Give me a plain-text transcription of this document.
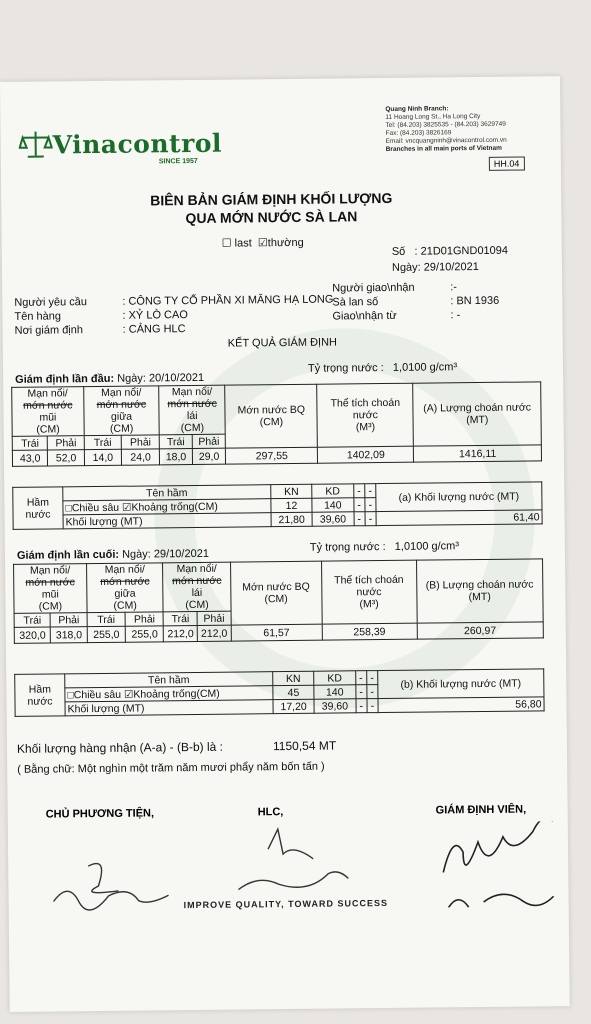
Vinacontrol
SINCE 1957
Quang Ninh Branch:
11 Hoang Long St., Ha Long City
Tel: (84.203) 3825535 - (84.203) 3629749
Fax: (84.203) 3826169
Email: vncquangninh@vinacontrol.com.vn
Branches in all main ports of Vietnam
HH.04
BIÊN BẢN GIÁM ĐỊNH KHỐI LƯỢNG
QUA MỚN NƯỚC SÀ LAN
☐ last  ☑thường
Số : 21D01GND01094
Ngày: 29/10/2021
Người yêu cầu	: CÔNG TY CỔ PHẦN XI MĂNG HẠ LONG
Tên hàng	: XỶ LÒ CAO
Nơi giám định	: CẢNG HLC
Người giao\nhận	:-
Sà lan số	: BN 1936
Giao\nhận từ	: -
KẾT QUẢ GIÁM ĐỊNH
Giám định lần đầu: Ngày: 20/10/2021
Tỷ trọng nước : 1,0100 g/cm³
Mạn nổi/
mớn nước mũi
(CM)		Mạn nổi/
mớn nước giữa
(CM)		Mạn nổi/
mớn nước lái
(CM)		Mớn nước BQ (CM)	Thể tích choán nước
(M³)	(A) Lượng choán nước (MT)
Trái	Phải	Trái	Phải	Trái	Phải			
43,0	52,0	14,0	24,0	18,0	29,0	297,55	1402,09	1416,11
Hầm nước	Tên hầm	KN	KD	-	-	(a) Khối lượng nước (MT)
	□Chiều sâu ☑Khoảng trống(CM)	12	140	-	-	
	Khối lượng (MT)	21,80	39,60	-	-	61,40
Giám định lần cuối: Ngày: 29/10/2021
Tỷ trọng nước : 1,0100 g/cm³
Mạn nổi/
mớn nước mũi
(CM)		Mạn nổi/
mớn nước giữa
(CM)		Mạn nổi/
mớn nước lái
(CM)		Mớn nước BQ (CM)	Thể tích choán nước
(M³)	(B) Lượng choán nước (MT)
Trái	Phải	Trái	Phải	Trái	Phải			
320,0	318,0	255,0	255,0	212,0	212,0	61,57	258,39	260,97
Hầm nước	Tên hầm	KN	KD	-	-	(b) Khối lượng nước (MT)
	□Chiều sâu ☑Khoảng trống(CM)	45	140	-	-	
	Khối lượng (MT)	17,20	39,60	-	-	56,80
Khối lượng hàng nhận (A-a) - (B-b) là :	1150,54 MT
( Bằng chữ: Một nghìn một trăm năm mươi phẩy năm bốn tấn )
CHỦ PHƯƠNG TIỆN,	HLC,	GIÁM ĐỊNH VIÊN,
IMPROVE QUALITY, TOWARD SUCCESS
